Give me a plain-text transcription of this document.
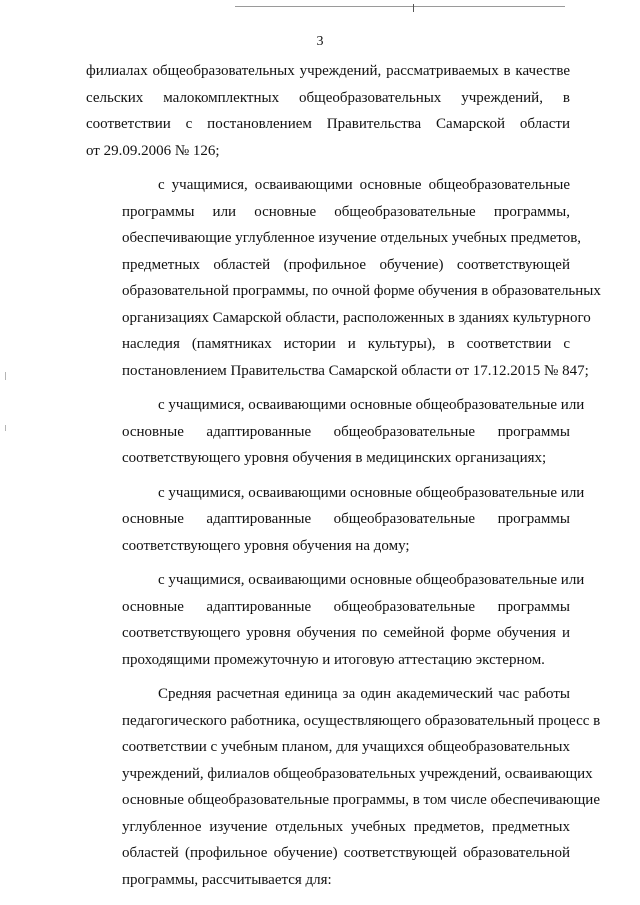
3
филиалах общеобразовательных учреждений, рассматриваемых в качестве
сельских малокомплектных общеобразовательных учреждений, в
соответствии с постановлением Правительства Самарской области
от 29.09.2006 № 126;
с учащимися, осваивающими основные общеобразовательные
программы или основные общеобразовательные программы,
обеспечивающие углубленное изучение отдельных учебных предметов,
предметных областей (профильное обучение) соответствующей
образовательной программы, по очной форме обучения в образовательных
организациях Самарской области, расположенных в зданиях культурного
наследия (памятниках истории и культуры), в соответствии с
постановлением Правительства Самарской области от 17.12.2015 № 847;
с учащимися, осваивающими основные общеобразовательные или
основные адаптированные общеобразовательные программы
соответствующего уровня обучения в медицинских организациях;
с учащимися, осваивающими основные общеобразовательные или
основные адаптированные общеобразовательные программы
соответствующего уровня обучения на дому;
с учащимися, осваивающими основные общеобразовательные или
основные адаптированные общеобразовательные программы
соответствующего уровня обучения по семейной форме обучения и
проходящими промежуточную и итоговую аттестацию экстерном.
Средняя расчетная единица за один академический час работы
педагогического работника, осуществляющего образовательный процесс в
соответствии с учебным планом, для учащихся общеобразовательных
учреждений, филиалов общеобразовательных учреждений, осваивающих
основные общеобразовательные программы, в том числе обеспечивающие
углубленное изучение отдельных учебных предметов, предметных
областей (профильное обучение) соответствующей образовательной
программы, рассчитывается для:
